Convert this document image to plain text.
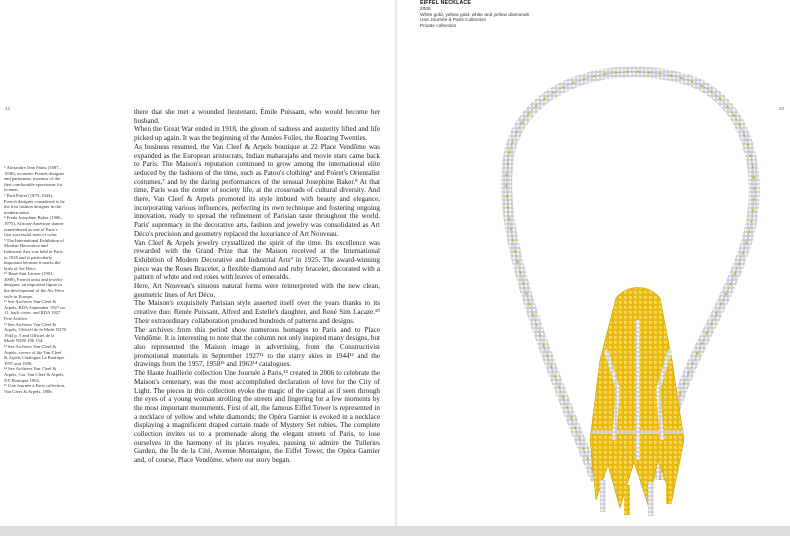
42	43
⁶ Alexandre Jean Patou (1887–1936), eccentric French designer and parfumeur, inventor of the first comfortable sportswear for women.
⁷ Paul Poiret (1879–1944), French designer considered to be the first fashion designer in the modern sense.
⁸ Freda Josephine Baker (1906–1975), African-American dancer remembered as one of Paris's first successful stars of color.
⁹ The International Exhibition of Modern Decorative and Industrial Arts was held in Paris in 1925 and is particularly important because it marks the birth of Art Déco.
¹⁰ René Sim Lacaze (1901–2000), French artist and jewelry designer, an important figure in the development of the Art Déco style in Europe.
¹¹ See Archives Van Cleef & Arpels, RDA September 1927 no. 11, back cover, and RDA 1927 Fete Artifice.
¹² See Archives Van Cleef & Arpels, Officiel de la Mode N270 1944 p. 5 and Officiel de la Mode N390 196 154.
¹³ See Archives Van Cleef & Arpels, covers of the Van Cleef & Arpels Catalogue La Boutique 1957 and 1958.
¹⁴ See Archives Van Cleef & Arpels, Cat. Van Cleef & Arpels, NY Boutique 1963.
¹⁵ Une Journée à Paris collection, Van Cleef & Arpels, 2006.

there that she met a wounded lieutenant, Émile Puissant, who would become her husband.

When the Great War ended in 1918, the gloom of sadness and austerity lifted and life picked up again. It was the beginning of the Années Folles, the Roaring Twenties.

As business resumed, the Van Cleef & Arpels boutique at 22 Place Vendôme was expanded as the European aristocrats, Indian maharajahs and movie stars came back to Paris. The Maison's reputation continued to grow among the international elite seduced by the fashions of the time, such as Patou's clothing⁶ and Poiret's Orientalist costumes,⁷ and by the daring performances of the sensual Josephine Baker.⁸ At that time, Paris was the center of society life, at the crossroads of cultural diversity. And there, Van Cleef & Arpels promoted its style imbued with beauty and elegance, incorporating various influences, perfecting its own technique and fostering ongoing innovation, ready to spread the refinement of Parisian taste throughout the world. Paris' supremacy in the decorative arts, fashion and jewelry was consolidated as Art Déco's precision and geometry replaced the luxuriance of Art Nouveau.

Van Cleef & Arpels jewelry crystallized the spirit of the time. Its excellence was rewarded with the Grand Prize that the Maison received at the International Exhibition of Modern Decorative and Industrial Arts⁹ in 1925. The award-winning piece was the Roses Bracelet, a flexible diamond and ruby bracelet, decorated with a pattern of white and red roses with leaves of emeralds.

Here, Art Nouveau's sinuous natural forms were reinterpreted with the new clean, geometric lines of Art Déco.

The Maison's exquisitely Parisian style asserted itself over the years thanks to its creative duo: Renée Puissant, Alfred and Estelle's daughter, and René Sim Lacaze.¹⁰ Their extraordinary collaboration produced hundreds of patterns and designs.

The archives from this period show numerous homages to Paris and to Place Vendôme. It is interesting to note that the column not only inspired many designs, but also represented the Maison image in advertising, from the Constructivist promotional materials in September 1927¹¹ to the starry skies in 1944¹² and the drawings from the 1957, 1958¹³ and 1963¹⁴ catalogues.

The Haute Joaillerie collection Une Journée à Paris,¹⁵ created in 2006 to celebrate the Maison's centenary, was the most accomplished declaration of love for the City of Light. The pieces in this collection evoke the magic of the capital as if seen through the eyes of a young woman strolling the streets and lingering for a few moments by the most important monuments. First of all, the famous Eiffel Tower is represented in a necklace of yellow and white diamonds; the Opéra Garnier is evoked in a necklace displaying a magnificent draped curtain made of Mystery Set rubies. The complete collection invites us to a promenade along the elegant streets of Paris, to lose ourselves in the harmony of its places royales, pausing to admire the Tuileries Garden, the Île de la Cité, Avenue Montaigne, the Eiffel Tower, the Opéra Garnier and, of course, Place Vendôme, where our story began.

EIFFEL NECKLACE
2006
White gold, yellow gold, white and yellow diamonds
Une Journée à Paris Collection
Private collection
